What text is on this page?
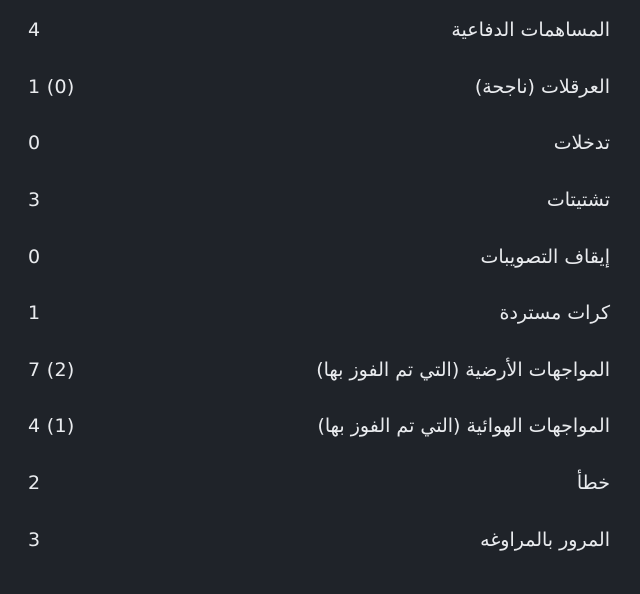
4	المساهمات الدفاعية
1 (0)	العرقلات (ناجحة)
0	تدخلات
3	تشتيتات
0	إيقاف التصويبات
1	كرات مستردة
7 (2)	المواجهات الأرضية (التي تم الفوز بها)
4 (1)	المواجهات الهوائية (التي تم الفوز بها)
2	خطأ
3	المرور بالمراوغه
